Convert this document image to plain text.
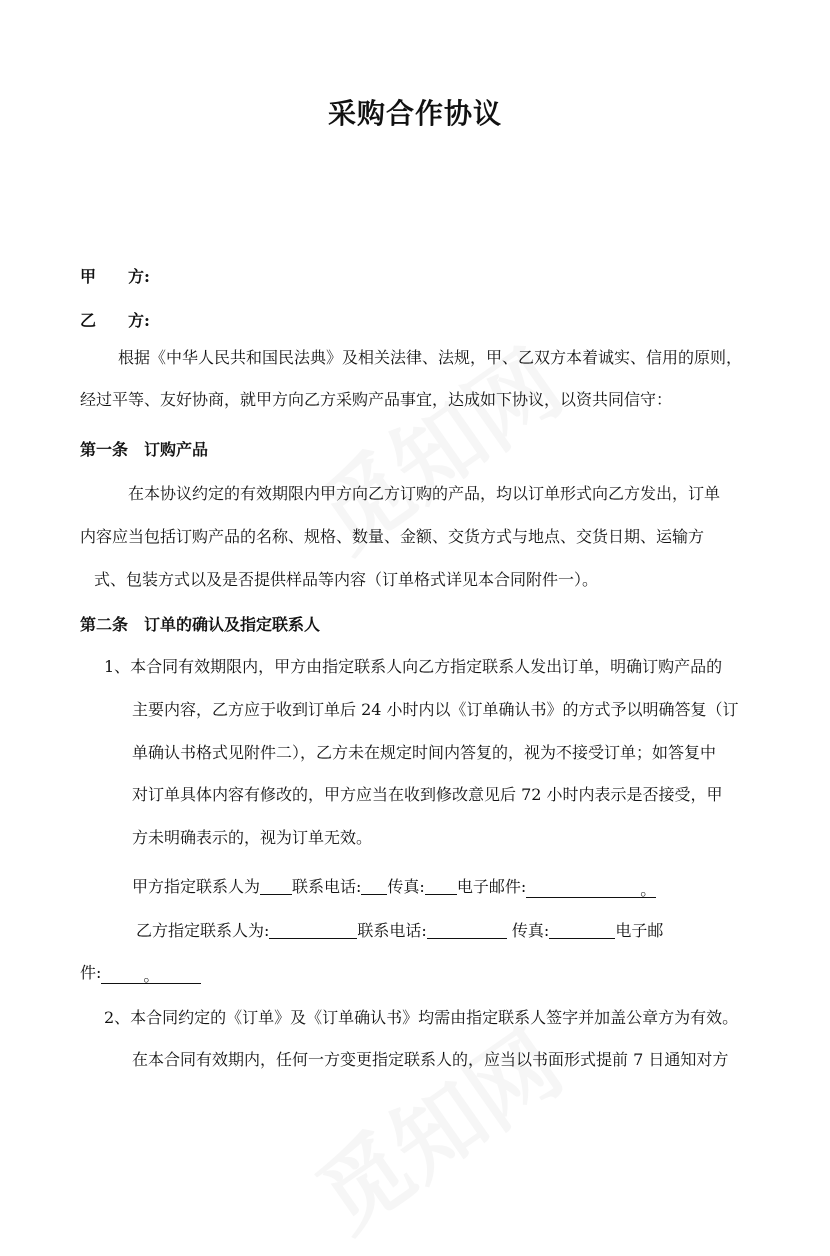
采购合作协议
甲　　方:
乙　　方:
根据《中华人民共和国民法典》及相关法律、法规，甲、乙双方本着诚实、信用的原则，
经过平等、友好协商，就甲方向乙方采购产品事宜，达成如下协议，以资共同信守：
第一条　订购产品
在本协议约定的有效期限内甲方向乙方订购的产品，均以订单形式向乙方发出，订单
内容应当包括订购产品的名称、规格、数量、金额、交货方式与地点、交货日期、运输方
式、包装方式以及是否提供样品等内容（订单格式详见本合同附件一）。
第二条　订单的确认及指定联系人
1、本合同有效期限内，甲方由指定联系人向乙方指定联系人发出订单，明确订购产品的
主要内容，乙方应于收到订单后 24 小时内以《订单确认书》的方式予以明确答复（订
单确认书格式见附件二），乙方未在规定时间内答复的，视为不接受订单；如答复中
对订单具体内容有修改的，甲方应当在收到修改意见后 72 小时内表示是否接受，甲
方未明确表示的，视为订单无效。
甲方指定联系人为 联系电话: 传真: 电子邮件:	。
乙方指定联系人为:	联系电话:	传真:	电子邮
件:	。
2、本合同约定的《订单》及《订单确认书》均需由指定联系人签字并加盖公章方为有效。
在本合同有效期内，任何一方变更指定联系人的，应当以书面形式提前 7 日通知对方
